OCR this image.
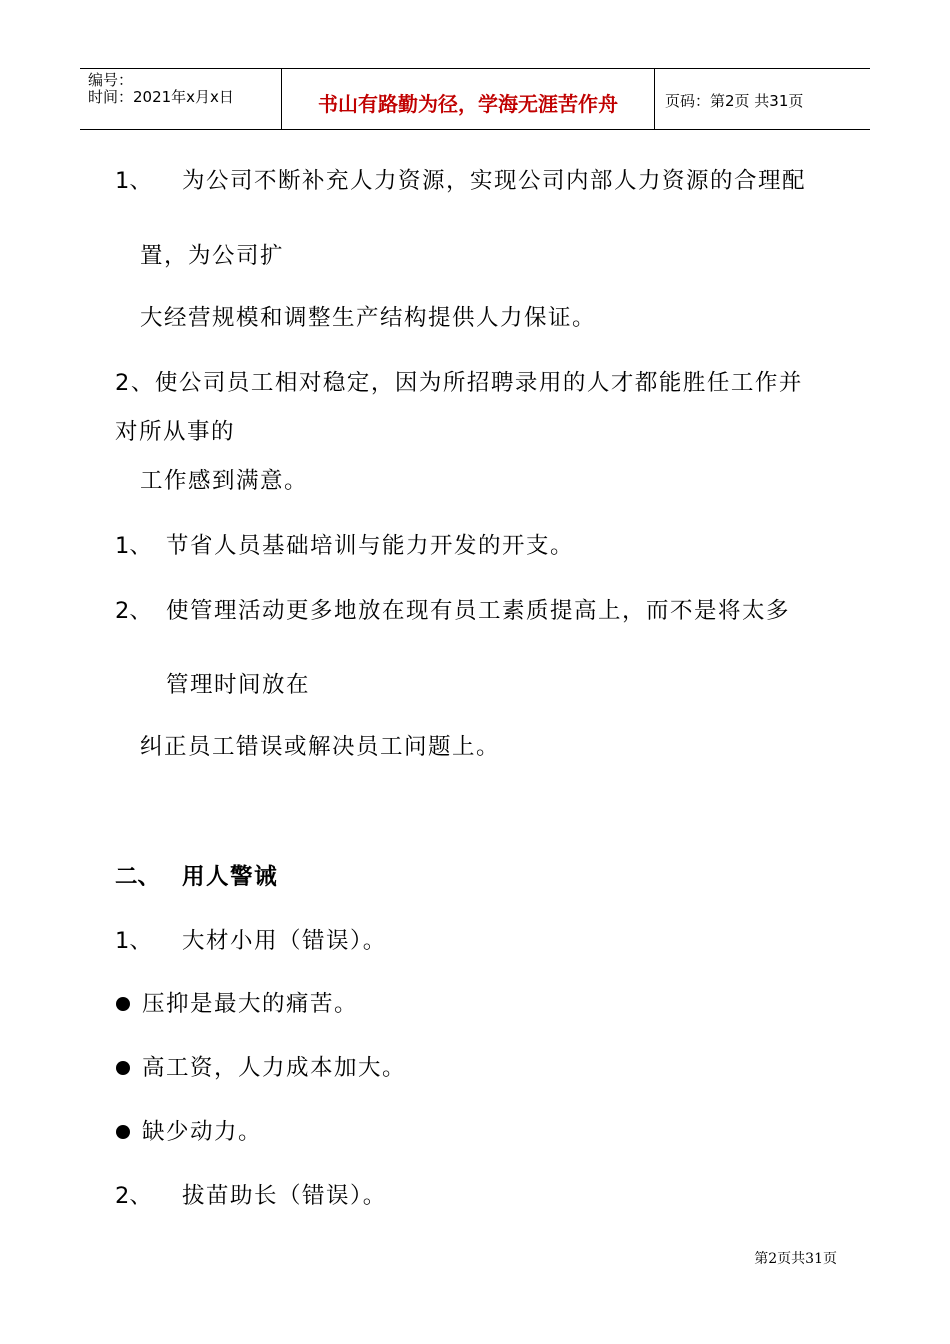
编号：
时间：2021年x月x日	书山有路勤为径，学海无涯苦作舟	页码：第2页 共31页
1、 为公司不断补充人力资源，实现公司内部人力资源的合理配
置，为公司扩
大经营规模和调整生产结构提供人力保证。
2、使公司员工相对稳定，因为所招聘录用的人才都能胜任工作并
对所从事的
工作感到满意。
1、 节省人员基础培训与能力开发的开支。
2、 使管理活动更多地放在现有员工素质提高上，而不是将太多
管理时间放在
纠正员工错误或解决员工问题上。
二、 用人警诫
1、 大材小用（错误）。
压抑是最大的痛苦。
高工资，人力成本加大。
缺少动力。
2、 拔苗助长（错误）。
第2页共31页
